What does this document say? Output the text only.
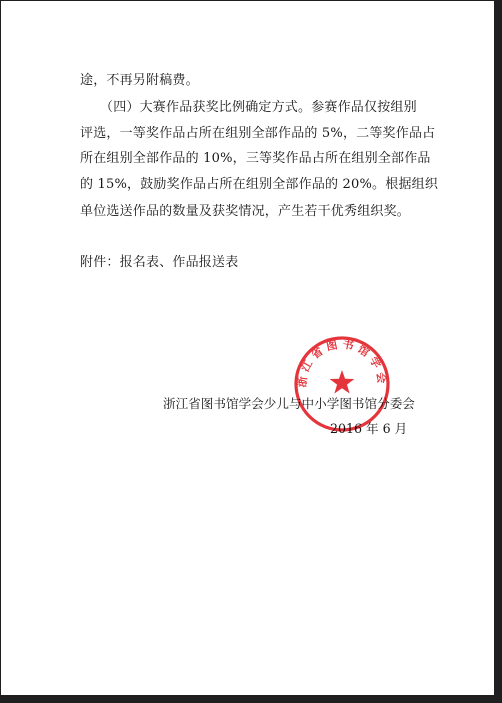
途，不再另附稿费。
（四）大赛作品获奖比例确定方式。参赛作品仅按组别
评选，一等奖作品占所在组别全部作品的 5%，二等奖作品占
所在组别全部作品的 10%，三等奖作品占所在组别全部作品
的 15%，鼓励奖作品占所在组别全部作品的 20%。根据组织
单位选送作品的数量及获奖情况，产生若干优秀组织奖。
附件：报名表、作品报送表
浙江省图书馆学会少儿与中小学图书馆分委会
2016 年 6 月
浙江省图书馆学会
